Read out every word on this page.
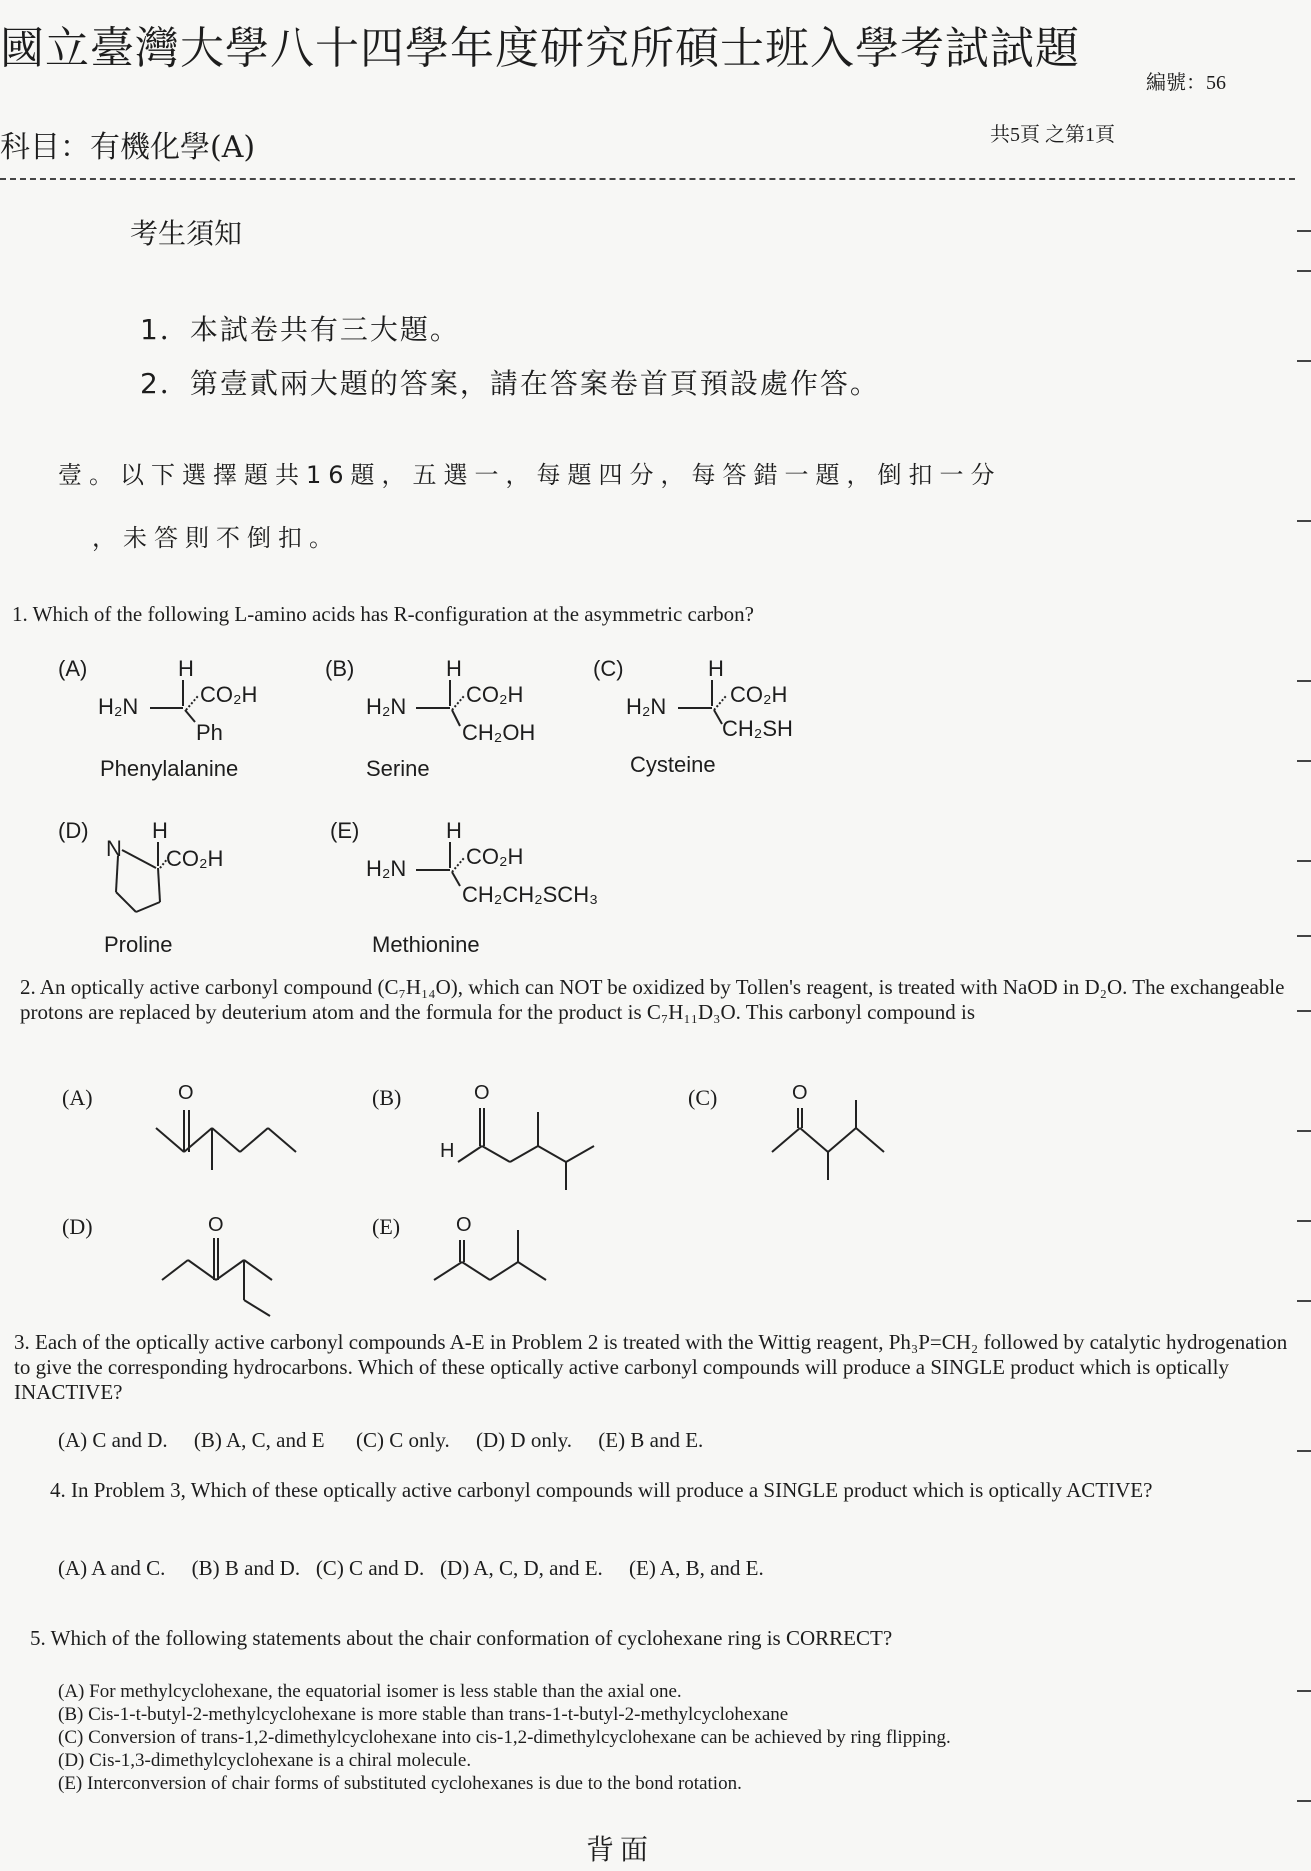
國立臺灣大學八十四學年度研究所碩士班入學考試試題
編號：56
科目：有機化學(A)	共5頁 之第1頁
考生須知
1．本試卷共有三大題。
2．第壹貳兩大題的答案，請在答案卷首頁預設處作答。
壹。以下選擇題共16題，五選一，每題四分，每答錯一題，倒扣一分
，未答則不倒扣。
1. Which of the following L-amino acids has R-configuration at the asymmetric carbon?
(A)	H
H₂N	CO₂H
Ph
Phenylalanine
(B)	H
H₂N	CO₂H
CH₂OH
Serine
(C)	H
H₂N	CO₂H
CH₂SH
Cysteine
(D)	H
N CO₂H
Proline
(E)	H
H₂N	CO₂H
CH₂CH₂SCH₃
Methionine
2. An optically active carbonyl compound (C₇H₁₄O), which can NOT be oxidized by Tollen's reagent, is treated with NaOD in D₂O. The exchangeable protons are replaced by deuterium atom and the formula for the product is C₇H₁₁D₃O. This carbonyl compound is
(A)	(B)	(C)
(D)	(E)
O	O
H
O
O	O
3. Each of the optically active carbonyl compounds A-E in Problem 2 is treated with the Wittig reagent, Ph₃P=CH₂ followed by catalytic hydrogenation to give the corresponding hydrocarbons. Which of these optically active carbonyl compounds will produce a SINGLE product which is optically INACTIVE?
(A) C and D.     (B) A, C, and E      (C) C only.     (D) D only.     (E) B and E.
4. In Problem 3, Which of these optically active carbonyl compounds will produce a SINGLE product which is optically ACTIVE?
(A) A and C.     (B) B and D.   (C) C and D.   (D) A, C, D, and E.     (E) A, B, and E.
5. Which of the following statements about the chair conformation of cyclohexane ring is CORRECT?
(A) For methylcyclohexane, the equatorial isomer is less stable than the axial one.
(B) Cis-1-t-butyl-2-methylcyclohexane is more stable than trans-1-t-butyl-2-methylcyclohexane
(C) Conversion of trans-1,2-dimethylcyclohexane into cis-1,2-dimethylcyclohexane can be achieved by ring flipping.
(D) Cis-1,3-dimethylcyclohexane is a chiral molecule.
(E) Interconversion of chair forms of substituted cyclohexanes is due to the bond rotation.
背面
